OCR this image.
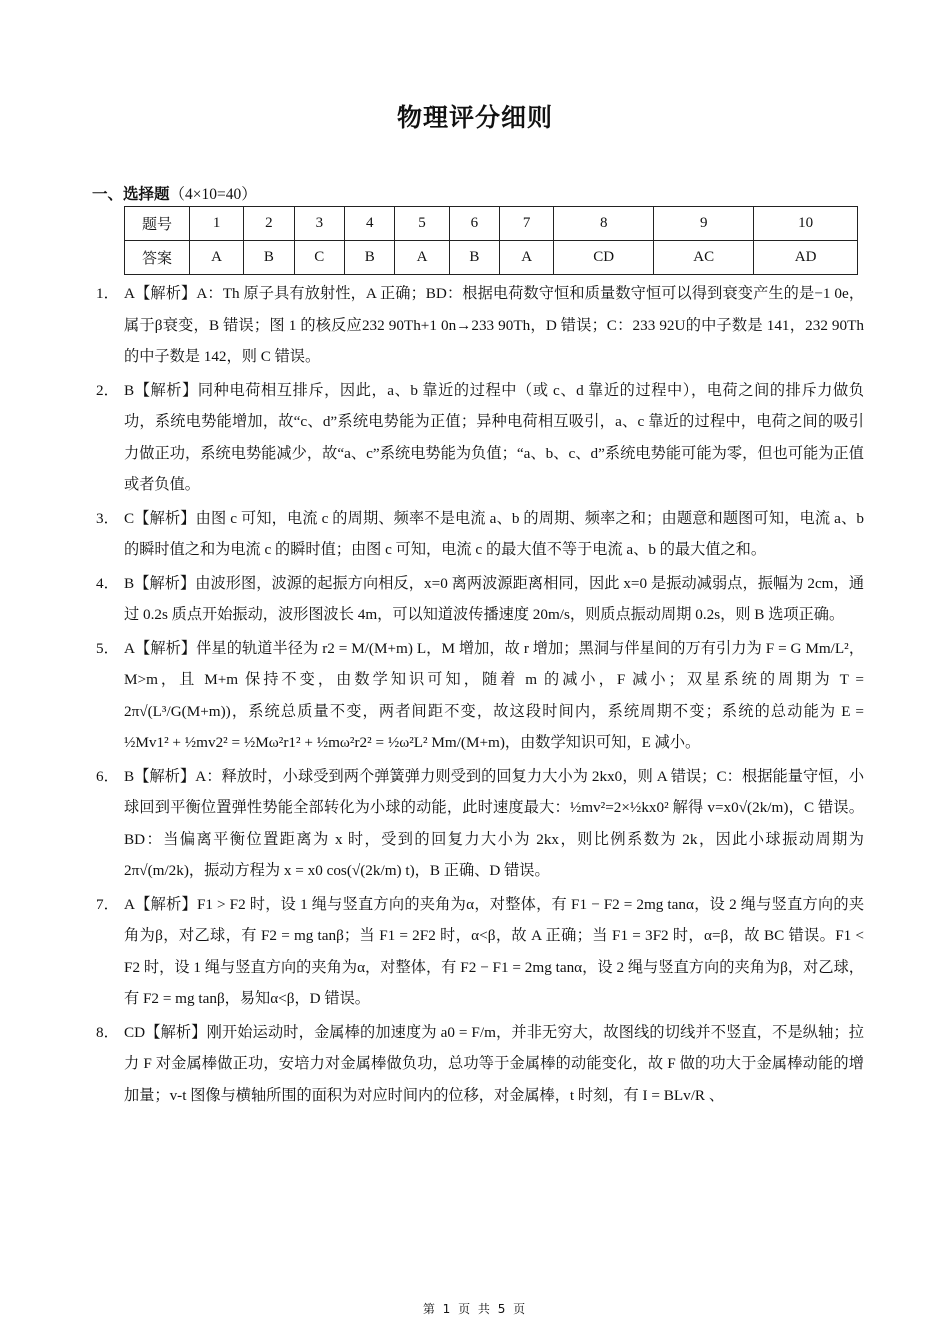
物理评分细则
一、选择题（4×10=40）
题号	1	2	3	4	5	6	7	8	9	10
答案	A	B	C	B	A	B	A	CD	AC	AD
1． A【解析】A：Th 原子具有放射性，A 正确；BD：根据电荷数守恒和质量数守恒可以得到衰变产生的是−1 0e，属于β衰变，B 错误；图 1 的核反应232 90Th+1 0n→233 90Th，D 错误；C：233 92U的中子数是 141，232 90Th的中子数是 142，则 C 错误。

2． B【解析】同种电荷相互排斥，因此，a、b 靠近的过程中（或 c、d 靠近的过程中），电荷之间的排斥力做负功，系统电势能增加，故“c、d”系统电势能为正值；异种电荷相互吸引，a、c 靠近的过程中，电荷之间的吸引力做正功，系统电势能减少，故“a、c”系统电势能为负值；“a、b、c、d”系统电势能可能为零，但也可能为正值或者负值。

3． C【解析】由图 c 可知，电流 c 的周期、频率不是电流 a、b 的周期、频率之和；由题意和题图可知，电流 a、b 的瞬时值之和为电流 c 的瞬时值；由图 c 可知，电流 c 的最大值不等于电流 a、b 的最大值之和。

4． B【解析】由波形图，波源的起振方向相反，x=0 离两波源距离相同，因此 x=0 是振动减弱点，振幅为 2cm，通过 0.2s 质点开始振动，波形图波长 4m，可以知道波传播速度 20m/s，则质点振动周期 0.2s，则 B 选项正确。

5． A【解析】伴星的轨道半径为 r2 = M/(M+m) L，M 增加，故 r 增加；黑洞与伴星间的万有引力为 F = G Mm/L²，M>m，且 M+m 保持不变，由数学知识可知，随着 m 的减小，F 减小；双星系统的周期为 T = 2π√(L³/G(M+m))，系统总质量不变，两者间距不变，故这段时间内，系统周期不变；系统的总动能为 E = ½Mv1² + ½mv2² = ½Mω²r1² + ½mω²r2² = ½ω²L² Mm/(M+m)，由数学知识可知，E 减小。

6． B【解析】A：释放时，小球受到两个弹簧弹力则受到的回复力大小为 2kx0，则 A 错误；C：根据能量守恒，小球回到平衡位置弹性势能全部转化为小球的动能，此时速度最大：½mv²=2×½kx0² 解得 v=x0√(2k/m)，C 错误。BD：当偏离平衡位置距离为 x 时，受到的回复力大小为 2kx，则比例系数为 2k，因此小球振动周期为 2π√(m/2k)，振动方程为 x = x0 cos(√(2k/m) t)，B 正确、D 错误。

7． A【解析】F1 > F2 时，设 1 绳与竖直方向的夹角为α，对整体，有 F1 − F2 = 2mg tanα，设 2 绳与竖直方向的夹角为β，对乙球，有 F2 = mg tanβ；当 F1 = 2F2 时，α<β，故 A 正确；当 F1 = 3F2 时，α=β，故 BC 错误。F1 < F2 时，设 1 绳与竖直方向的夹角为α，对整体，有 F2 − F1 = 2mg tanα，设 2 绳与竖直方向的夹角为β，对乙球，有 F2 = mg tanβ，易知α<β，D 错误。

8． CD【解析】刚开始运动时，金属棒的加速度为 a0 = F/m，并非无穷大，故图线的切线并不竖直，不是纵轴；拉力 F 对金属棒做正功，安培力对金属棒做负功，总功等于金属棒的动能变化，故 F 做的功大于金属棒动能的增加量；v-t 图像与横轴所围的面积为对应时间内的位移，对金属棒，t 时刻，有 I = BLv/R 、

第 1 页 共 5 页
